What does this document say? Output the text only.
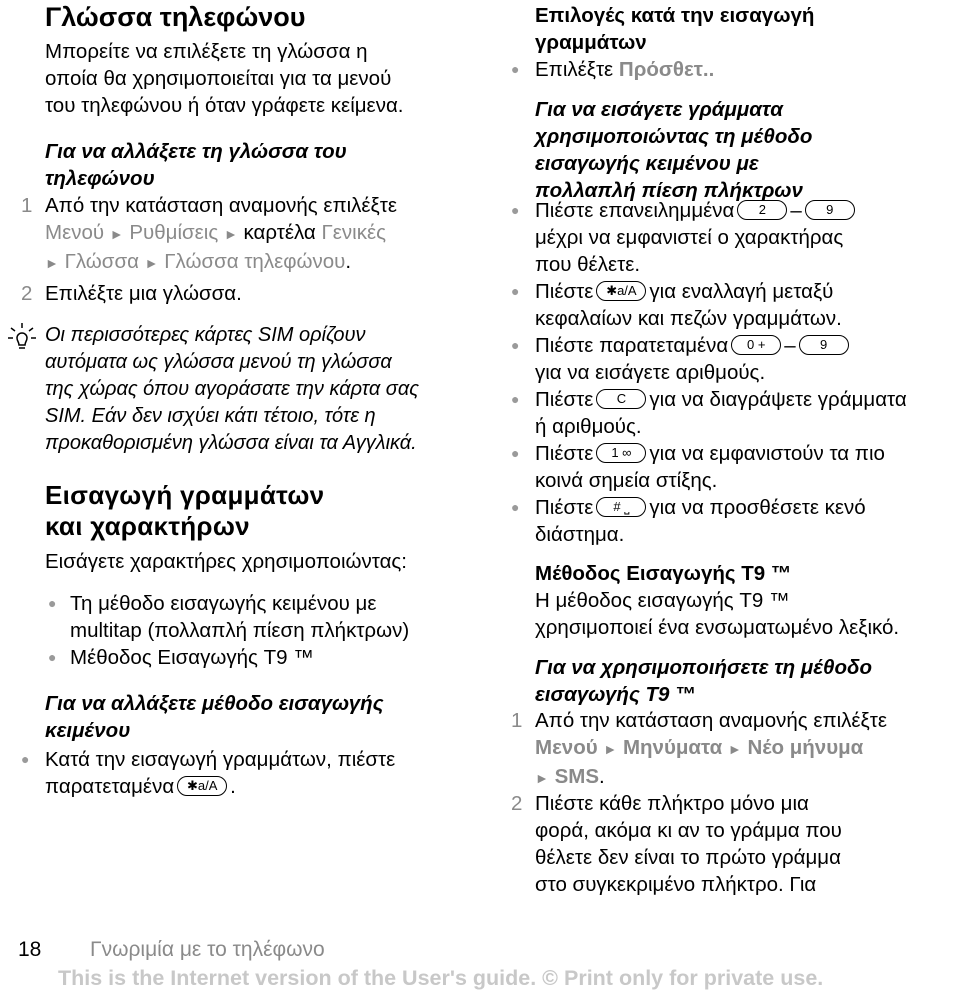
Γλώσσα τηλεφώνου
Μπορείτε να επιλέξετε τη γλώσσα η
οποία θα χρησιμοποιείται για τα μενού
του τηλεφώνου ή όταν γράφετε κείμενα.
Για να αλλάξετε τη γλώσσα του
τηλεφώνου
1 Από την κατάσταση αναμονής επιλέξτε
Μενού ► Ρυθμίσεις ► καρτέλα Γενικές
► Γλώσσα ► Γλώσσα τηλεφώνου.
2 Επιλέξτε μια γλώσσα.
Οι περισσότερες κάρτες SIM ορίζουν
αυτόματα ως γλώσσα μενού τη γλώσσα
της χώρας όπου αγοράσατε την κάρτα σας
SIM. Εάν δεν ισχύει κάτι τέτοιο, τότε η
προκαθορισμένη γλώσσα είναι τα Αγγλικά.
Εισαγωγή γραμμάτων
και χαρακτήρων
Εισάγετε χαρακτήρες χρησιμοποιώντας:
● Τη μέθοδο εισαγωγής κειμένου με
multitap (πολλαπλή πίεση πλήκτρων)
● Μέθοδος Εισαγωγής T9 ™
Για να αλλάξετε μέθοδο εισαγωγής
κειμένου
● Κατά την εισαγωγή γραμμάτων, πιέστε
παρατεταμένα ✱a/A .
Επιλογές κατά την εισαγωγή
γραμμάτων
● Επιλέξτε Πρόσθετ..
Για να εισάγετε γράμματα
χρησιμοποιώντας τη μέθοδο
εισαγωγής κειμένου με
πολλαπλή πίεση πλήκτρων
● Πιέστε επανειλημμένα 2 – 9
μέχρι να εμφανιστεί ο χαρακτήρας
που θέλετε.
● Πιέστε ✱a/A για εναλλαγή μεταξύ
κεφαλαίων και πεζών γραμμάτων.
● Πιέστε παρατεταμένα 0 + – 9
για να εισάγετε αριθμούς.
● Πιέστε C για να διαγράψετε γράμματα
ή αριθμούς.
● Πιέστε 1 ∞ για να εμφανιστούν τα πιο
κοινά σημεία στίξης.
● Πιέστε # ⎵ για να προσθέσετε κενό
διάστημα.
Μέθοδος Εισαγωγής T9 ™
Η μέθοδος εισαγωγής T9 ™
χρησιμοποιεί ένα ενσωματωμένο λεξικό.
Για να χρησιμοποιήσετε τη μέθοδο
εισαγωγής T9 ™
1 Από την κατάσταση αναμονής επιλέξτε
Μενού ► Μηνύματα ► Νέο μήνυμα
► SMS.
2 Πιέστε κάθε πλήκτρο μόνο μια
φορά, ακόμα κι αν το γράμμα που
θέλετε δεν είναι το πρώτο γράμμα
στο συγκεκριμένο πλήκτρο. Για
18 Γνωριμία με το τηλέφωνο
This is the Internet version of the User's guide. © Print only for private use.
